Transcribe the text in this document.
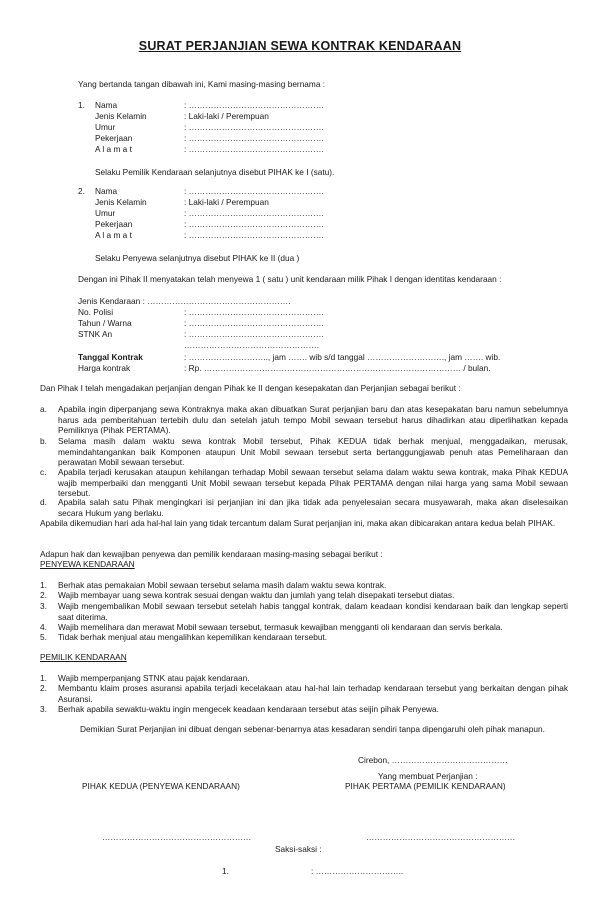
SURAT PERJANJIAN SEWA KONTRAK KENDARAAN
Yang bertanda tangan dibawah ini, Kami masing-masing bernama :
1. Nama	: ………………………………………….
Jenis Kelamin	: Laki-laki / Perempuan
Umur	: ………………………………………….
Pekerjaan	: ………………………………………….
A l a m a t	: ………………………………………….
Selaku Pemilik Kendaraan selanjutnya disebut PIHAK ke I (satu).
2. Nama	: ………………………………………….
Jenis Kelamin	: Laki-laki / Perempuan
Umur	: ………………………………………….
Pekerjaan	: ………………………………………….
A l a m a t	: ………………………………………….
Selaku Penyewa selanjutnya disebut PIHAK ke II (dua )
Dengan ini Pihak II menyatakan telah menyewa 1 ( satu ) unit kendaraan milik Pihak I dengan identitas kendaraan :
Jenis Kendaraan : …………………………………………….
No. Polisi	: ………………………………………….
Tahun / Warna	: ………………………………………….
STNK An	: ………………………………………….
………………………………………….
Tanggal Kontrak	: ……………………….., jam ……. wib s/d tanggal ………………………., jam ……. wib.
Harga kontrak	: Rp. ………………………………………………………………………………… / bulan.
Dan Pihak I telah mengadakan perjanjian dengan Pihak ke II dengan kesepakatan dan Perjanjian sebagai berikut :
a. Apabila ingin diperpanjang sewa Kontraknya maka akan dibuatkan Surat perjanjian baru dan atas kesepakatan baru namun sebelumnya harus ada pemberitahuan tertebih dulu dan setelah jatuh tempo Mobil sewaan tersebut harus dihadirkan atau diperlihatkan kepada Pemiliknya (Pihak PERTAMA).
b. Selama masih dalam waktu sewa kontrak Mobil tersebut, Pihak KEDUA tidak berhak menjual, menggadaikan, merusak, memindahtangankan baik Komponen ataupun Unit Mobil sewaan tersebut serta bertanggungjawab penuh atas Pemeliharaan dan perawatan Mobil sewaan tersebut.
c. Apabila terjadi kerusakan ataupun kehilangan terhadap Mobil sewaan tersebut selama dalam waktu sewa kontrak, maka Pihak KEDUA wajib memperbaiki dan mengganti Unit Mobil sewaan tersebut kepada Pihak PERTAMA dengan nilai harga yang sama Mobil sewaan tersebut.
d. Apabila salah satu Pihak mengingkari isi perjanjian ini dan jika tidak ada penyelesaian secara musyawarah, maka akan diselesaikan secara Hukum yang berlaku.
Apabila dikemudian hari ada hal-hal lain yang tidak tercantum dalam Surat perjanjian ini, maka akan dibicarakan antara kedua belah PIHAK.
Adapun hak dan kewajiban penyewa dan pemilik kendaraan masing-masing sebagai berikut :
PENYEWA KENDARAAN
1. Berhak atas pemakaian Mobil sewaan tersebut selama masih dalam waktu sewa kontrak.
2. Wajib membayar uang sewa kontrak sesuai dengan waktu dan jumlah yang telah disepakati tersebut diatas.
3. Wajib mengembalikan Mobil sewaan tersebut setelah habis tanggal kontrak, dalam keadaan kondisi kendaraan baik dan lengkap seperti saat diterima.
4. Wajib memelihara dan merawat Mobil sewaan tersebut, termasuk kewajiban mengganti oli kendaraan dan servis berkala.
5. Tidak berhak menjual atau mengalihkan kepemilikan kendaraan tersebut.
PEMILIK KENDARAAN
1. Wajib memperpanjang STNK atau pajak kendaraan.
2. Membantu klaim proses asuransi apabila terjadi kecelakaan atau hal-hal lain terhadap kendaraan tersebut yang berkaitan dengan pihak Asuransi.
3. Berhak apabila sewaktu-waktu ingin mengecek keadaan kendaraan tersebut atas seijin pihak Penyewa.
Demikian Surat Perjanjian ini dibuat dengan sebenar-benarnya atas kesadaran sendiri tanpa dipengaruhi oleh pihak manapun.
Cirebon, ……………………………………
Yang membuat Perjanjian :
PIHAK KEDUA (PENYEWA KENDARAAN)	PIHAK PERTAMA (PEMILIK KENDARAAN)
………………………………………………	………………………………………………
Saksi-saksi :
1.	: …………………………..
